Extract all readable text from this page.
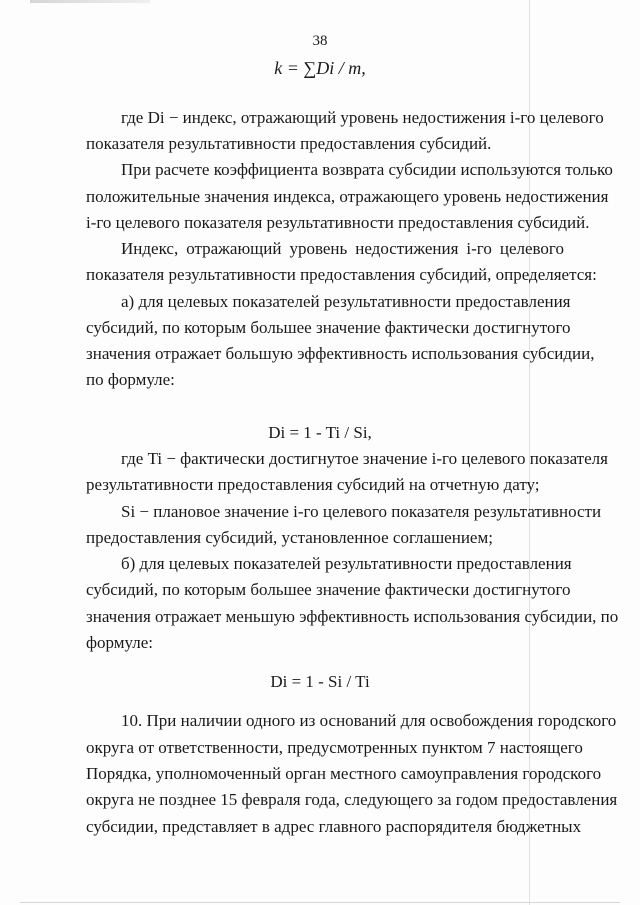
38
k = ∑Di / m,
где Di − индекс, отражающий уровень недостижения i-го целевого
показателя результативности предоставления субсидий.
При расчете коэффициента возврата субсидии используются только
положительные значения индекса, отражающего уровень недостижения
i-го целевого показателя результативности предоставления субсидий.
Индекс, отражающий уровень недостижения i-го целевого
показателя результативности предоставления субсидий, определяется:
а) для целевых показателей результативности предоставления
субсидий, по которым большее значение фактически достигнутого
значения отражает большую эффективность использования субсидии,
по формуле:
Di = 1 - Ti / Si,
где Ti − фактически достигнутое значение i-го целевого показателя
результативности предоставления субсидий на отчетную дату;
Si − плановое значение i-го целевого показателя результативности
предоставления субсидий, установленное соглашением;
б) для целевых показателей результативности предоставления
субсидий, по которым большее значение фактически достигнутого
значения отражает меньшую эффективность использования субсидии, по
формуле:
Di = 1 - Si / Ti
10. При наличии одного из оснований для освобождения городского
округа от ответственности, предусмотренных пунктом 7 настоящего
Порядка, уполномоченный орган местного самоуправления городского
округа не позднее 15 февраля года, следующего за годом предоставления
субсидии, представляет в адрес главного распорядителя бюджетных
